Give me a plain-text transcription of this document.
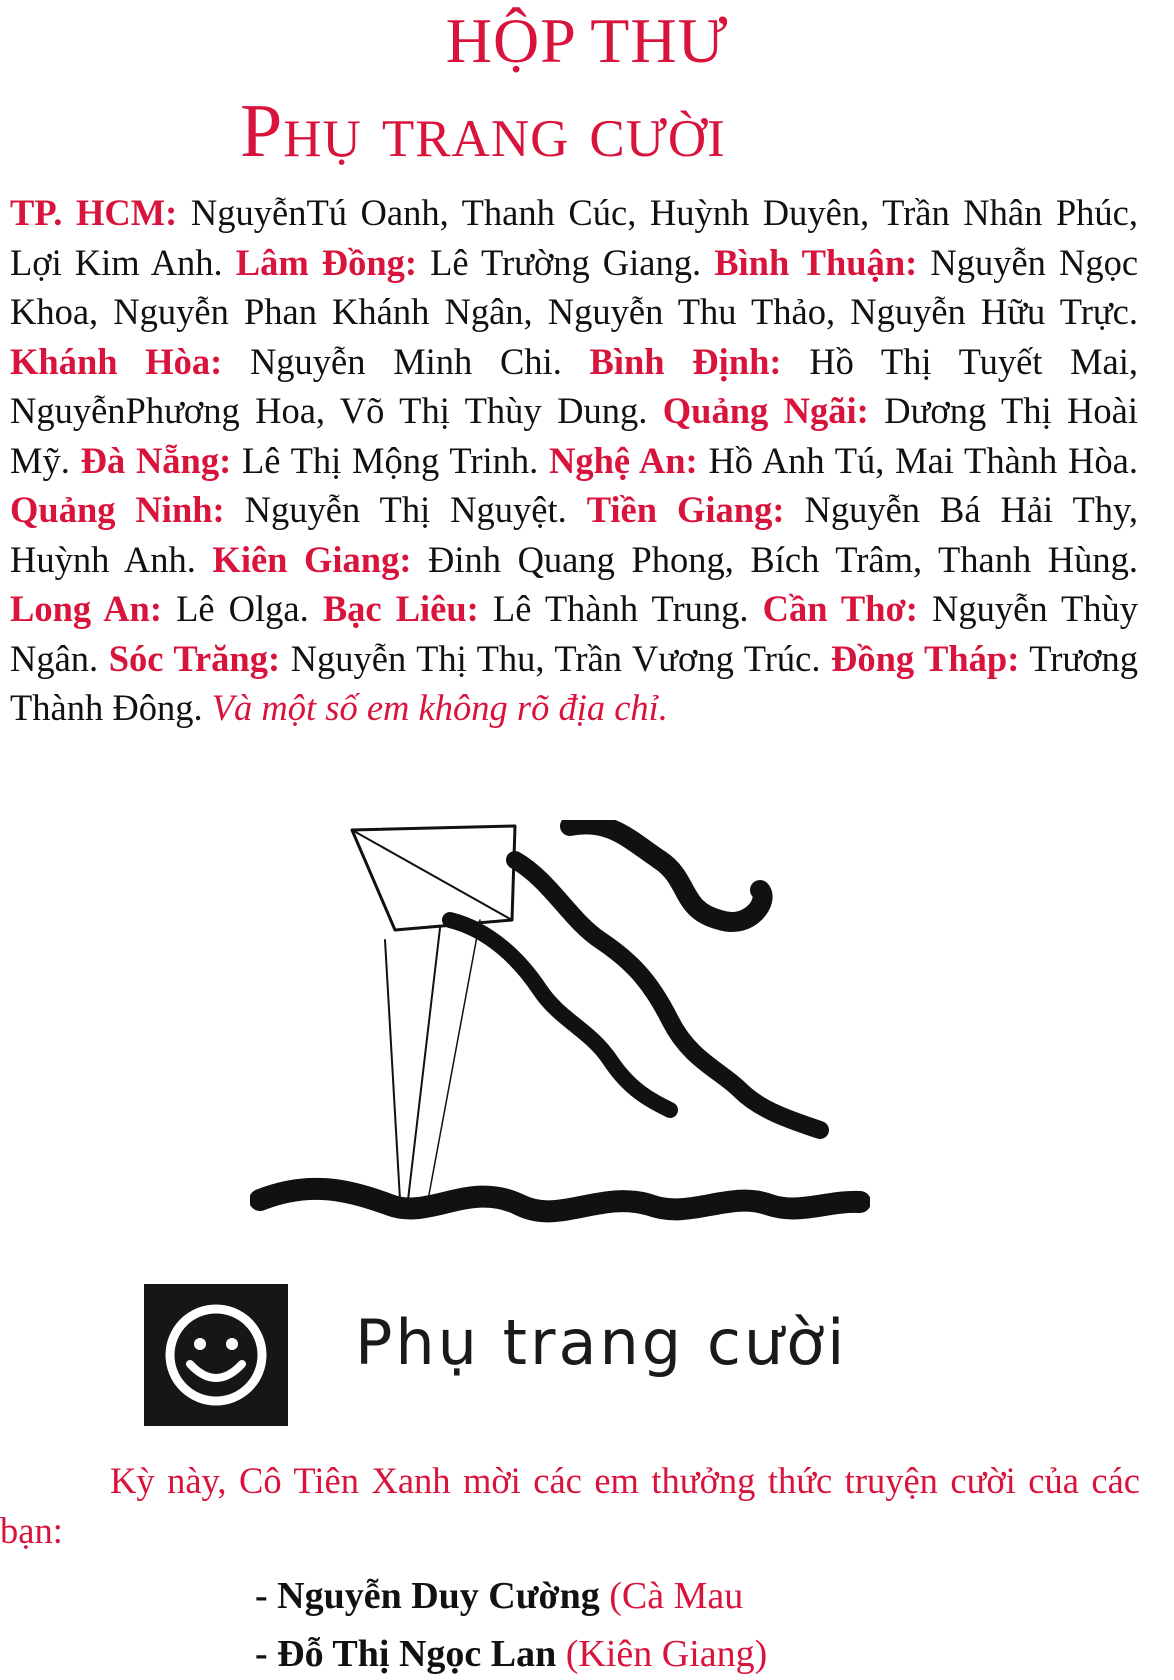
HỘP THƯ
Phụ trang cười
TP. HCM: NguyễnTú Oanh, Thanh Cúc, Huỳnh Duyên, Trần Nhân Phúc, Lợi Kim Anh. Lâm Đồng: Lê Trường Giang. Bình Thuận: Nguyễn Ngọc Khoa, Nguyễn Phan Khánh Ngân, Nguyễn Thu Thảo, Nguyễn Hữu Trực. Khánh Hòa: Nguyễn Minh Chi. Bình Định: Hồ Thị Tuyết Mai, NguyễnPhương Hoa, Võ Thị Thùy Dung. Quảng Ngãi: Dương Thị Hoài Mỹ. Đà Nẵng: Lê Thị Mộng Trinh. Nghệ An: Hồ Anh Tú, Mai Thành Hòa. Quảng Ninh: Nguyễn Thị Nguyệt. Tiền Giang: Nguyễn Bá Hải Thy, Huỳnh Anh. Kiên Giang: Đinh Quang Phong, Bích Trâm, Thanh Hùng. Long An: Lê Olga. Bạc Liêu: Lê Thành Trung. Cần Thơ: Nguyễn Thùy Ngân. Sóc Trăng: Nguyễn Thị Thu, Trần Vương Trúc. Đồng Tháp: Trương Thành Đông. Và một số em không rõ địa chỉ.
Phụ trang cười
Kỳ này, Cô Tiên Xanh mời các em thưởng thức truyện cười của các bạn:
- Nguyễn Duy Cường (Cà Mau
- Đỗ Thị Ngọc Lan (Kiên Giang)
